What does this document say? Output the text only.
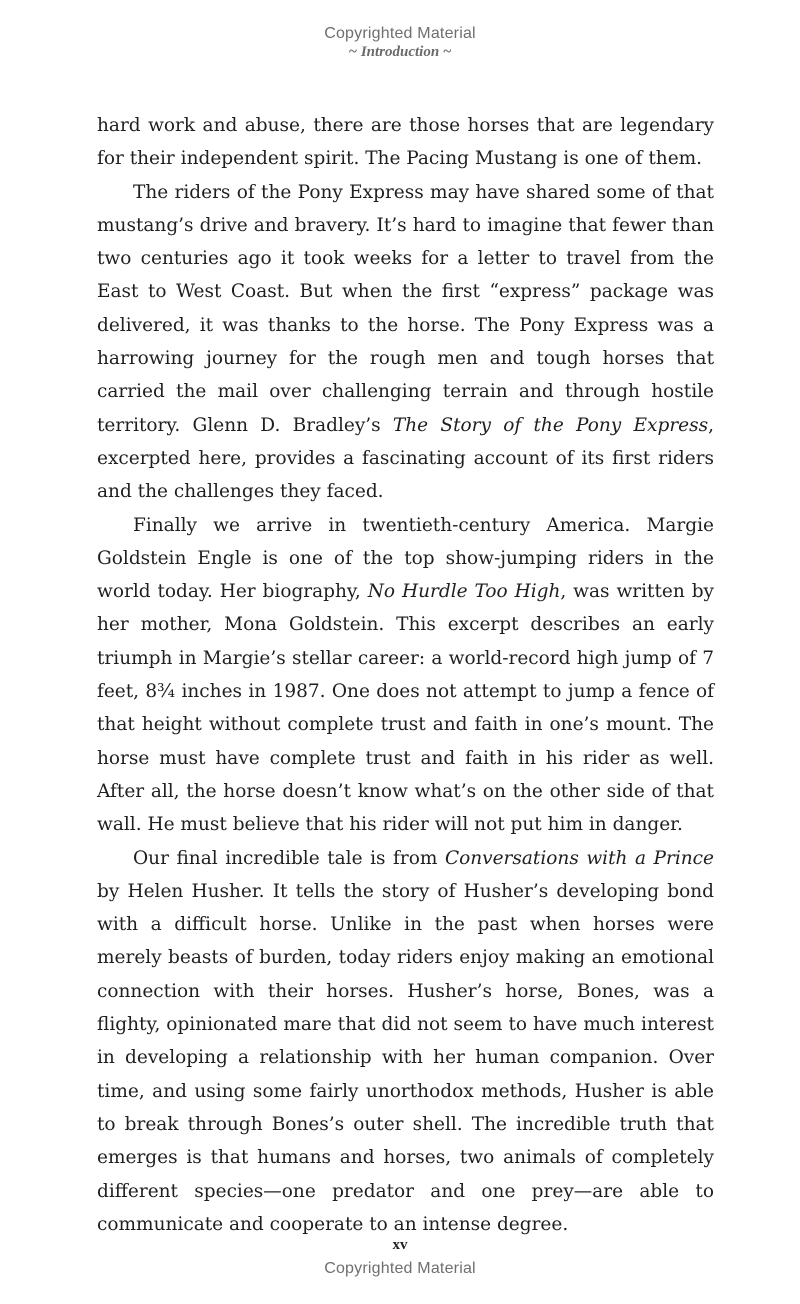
Copyrighted Material
~ Introduction ~

hard work and abuse, there are those horses that are legendary for their independent spirit. The Pacing Mustang is one of them.

The riders of the Pony Express may have shared some of that mustang’s drive and bravery. It’s hard to imagine that fewer than two centuries ago it took weeks for a letter to travel from the East to West Coast. But when the first “express” package was delivered, it was thanks to the horse. The Pony Express was a harrowing journey for the rough men and tough horses that carried the mail over challenging terrain and through hostile territory. Glenn D. Bradley’s The Story of the Pony Express, excerpted here, provides a fascinating account of its first riders and the challenges they faced.

Finally we arrive in twentieth-century America. Margie Goldstein Engle is one of the top show-jumping riders in the world today. Her biography, No Hurdle Too High, was written by her mother, Mona Goldstein. This excerpt describes an early triumph in Margie’s stellar career: a world-record high jump of 7 feet, 8¾ inches in 1987. One does not attempt to jump a fence of that height without complete trust and faith in one’s mount. The horse must have complete trust and faith in his rider as well. After all, the horse doesn’t know what’s on the other side of that wall. He must believe that his rider will not put him in danger.

Our final incredible tale is from Conversations with a Prince by Helen Husher. It tells the story of Husher’s developing bond with a difficult horse. Unlike in the past when horses were merely beasts of burden, today riders enjoy making an emotional connection with their horses. Husher’s horse, Bones, was a flighty, opinionated mare that did not seem to have much interest in developing a relationship with her human companion. Over time, and using some fairly unorthodox methods, Husher is able to break through Bones’s outer shell. The incredible truth that emerges is that humans and horses, two animals of completely different species—one predator and one prey—are able to communicate and cooperate to an intense degree.

xv
Copyrighted Material
